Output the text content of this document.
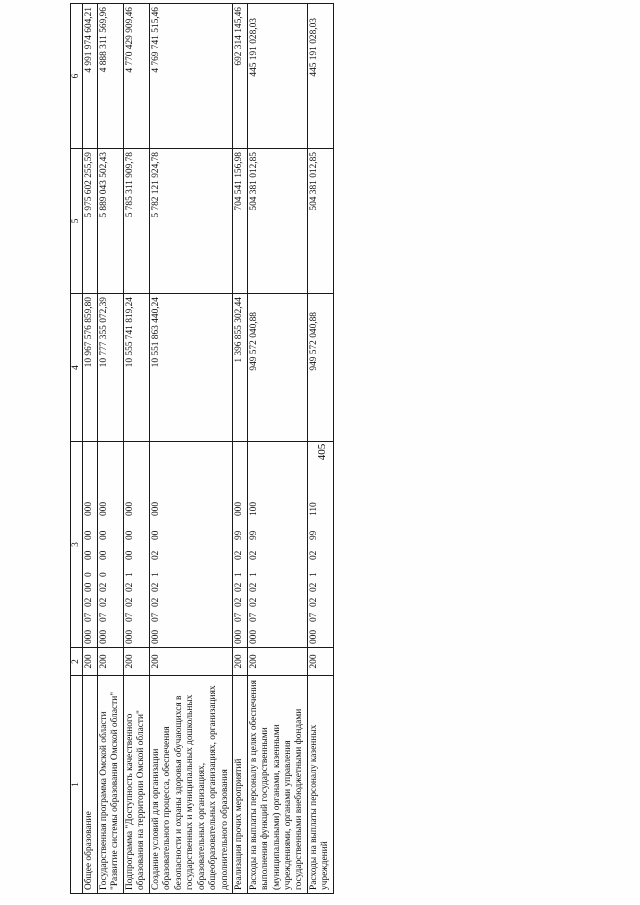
405
1	2	3	4	5	6
Общее образование	200	00007020000000000	10 967 576 859,80	5 975 602 255,59	4 991 974 604,21
Государственная программа Омской области "Развитие системы образования Омской области"	200	00007020200000000	10 777 355 072,39	5 889 043 502,43	4 888 311 569,96
Подпрограмма "Доступность качественного образования на территории Омской области"	200	00007020210000000	10 555 741 819,24	5 785 311 909,78	4 770 429 909,46
Создание условий для организации образовательного процесса, обеспечения безопасности и охраны здоровья обучающихся в государственных и муниципальных дошкольных образовательных организациях, общеобразовательных организациях, организациях дополнительного образования	200	00007020210200000	10 551 863 440,24	5 782 121 924,78	4 769 741 515,46
Реализация прочих мероприятий	200	00007020210299000	1 396 855 302,44	704 541 156,98	692 314 145,46
Расходы на выплаты персоналу в целях обеспечения выполнения функций государственными (муниципальными) органами, казенными учреждениями, органами управления государственными внебюджетными фондами	200	00007020210299100	949 572 040,88	504 381 012,85	445 191 028,03
Расходы на выплаты персоналу казенных учреждений	200	00007020210299110	949 572 040,88	504 381 012,85	445 191 028,03
